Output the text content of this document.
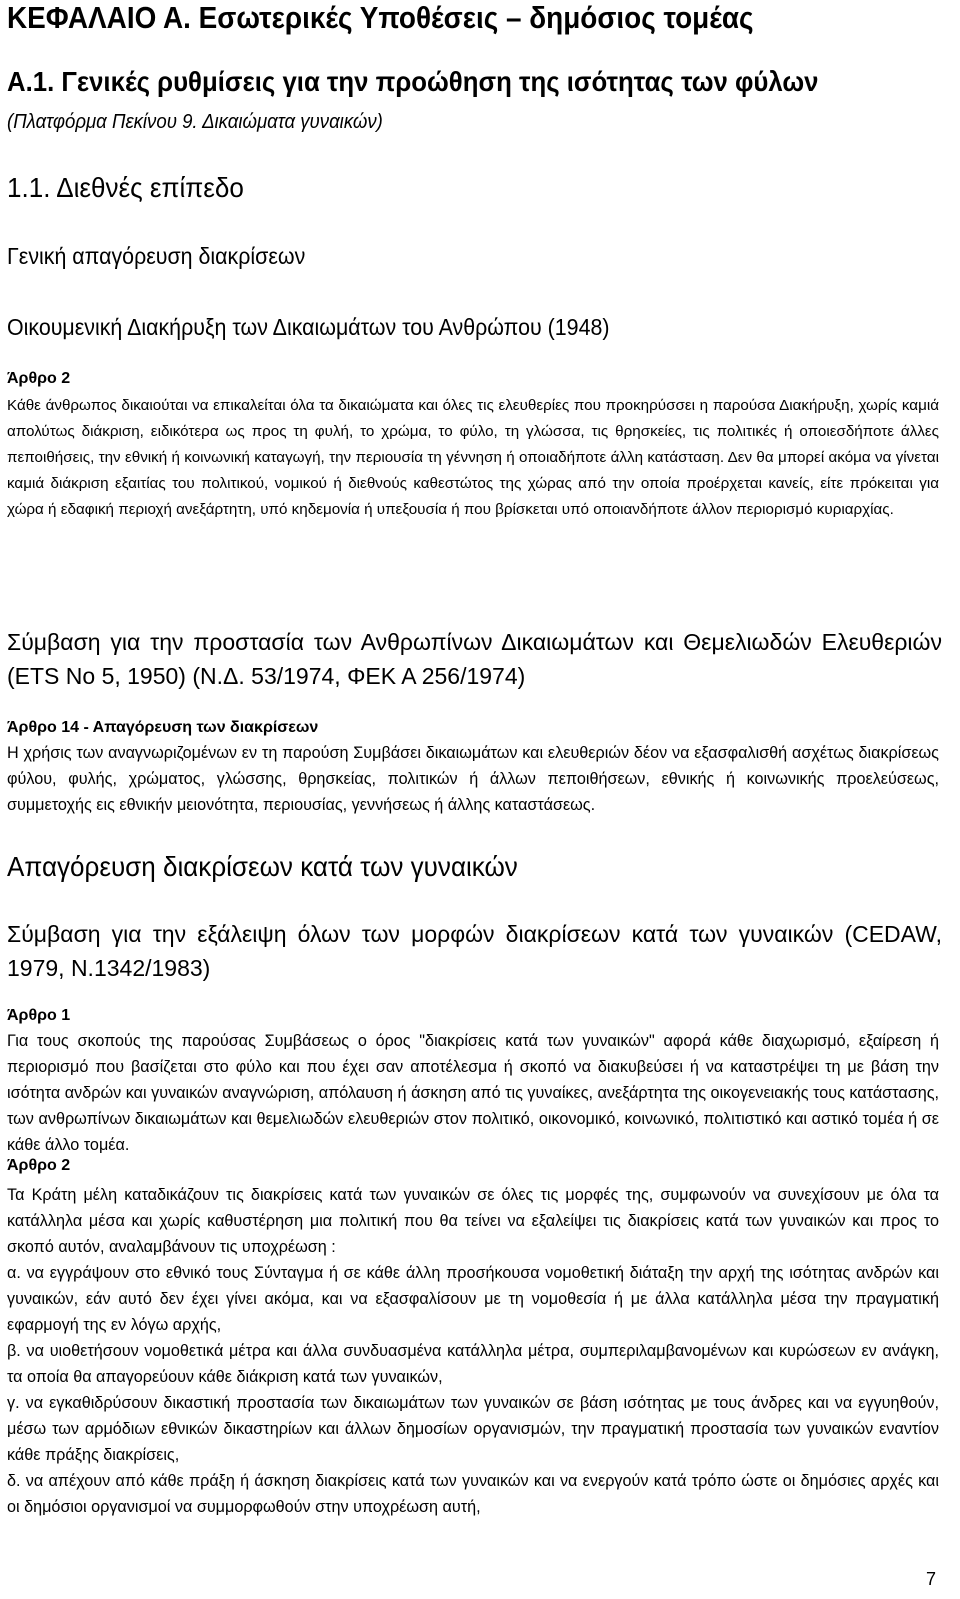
ΚΕΦΑΛΑΙΟ Α. Εσωτερικές Υποθέσεις – δημόσιος τομέας
Α.1. Γενικές ρυθμίσεις για την προώθηση της ισότητας των φύλων
(Πλατφόρμα Πεκίνου 9. Δικαιώματα γυναικών)
1.1. Διεθνές επίπεδο
Γενική απαγόρευση διακρίσεων
Οικουμενική Διακήρυξη των Δικαιωμάτων του Ανθρώπου (1948)
Άρθρο 2

Κάθε άνθρωπος δικαιούται να επικαλείται όλα τα δικαιώματα και όλες τις ελευθερίες που προκηρύσσει η παρούσα Διακήρυξη, χωρίς καμιά απολύτως διάκριση, ειδικότερα ως προς τη φυλή, το χρώμα, το φύλο, τη γλώσσα, τις θρησκείες, τις πολιτικές ή οποιεσδήποτε άλλες πεποιθήσεις, την εθνική ή κοινωνική καταγωγή, την περιουσία τη γέννηση ή οποιαδήποτε άλλη κατάσταση. Δεν θα μπορεί ακόμα να γίνεται καμιά διάκριση εξαιτίας του πολιτικού, νομικού ή διεθνούς καθεστώτος της χώρας από την οποία προέρχεται κανείς, είτε πρόκειται για χώρα ή εδαφική περιοχή ανεξάρτητη, υπό κηδεμονία ή υπεξουσία ή που βρίσκεται υπό οποιανδήποτε άλλον περιορισμό κυριαρχίας.

Σύμβαση για την προστασία των Ανθρωπίνων Δικαιωμάτων και Θεμελιωδών Ελευθεριών (ETS No 5, 1950) (Ν.Δ. 53/1974, ΦΕΚ Α 256/1974)
Άρθρο 14 - Απαγόρευση των διακρίσεων

Η χρήσις των αναγνωριζομένων εν τη παρούση Συμβάσει δικαιωμάτων και ελευθεριών δέον να εξασφαλισθή ασχέτως διακρίσεως φύλου, φυλής, χρώματος, γλώσσης, θρησκείας, πολιτικών ή άλλων πεποιθήσεων, εθνικής ή κοινωνικής προελεύσεως, συμμετοχής εις εθνικήν μειονότητα, περιουσίας, γεννήσεως ή άλλης καταστάσεως.

Απαγόρευση διακρίσεων κατά των γυναικών
Σύμβαση για την εξάλειψη όλων των μορφών διακρίσεων κατά των γυναικών (CEDAW, 1979, Ν.1342/1983)
Άρθρο 1

Για τους σκοπούς της παρούσας Συμβάσεως ο όρος "διακρίσεις κατά των γυναικών" αφορά κάθε διαχωρισμό, εξαίρεση ή περιορισμό που βασίζεται στο φύλο και που έχει σαν αποτέλεσμα ή σκοπό να διακυβεύσει ή να καταστρέψει τη με βάση την ισότητα ανδρών και γυναικών αναγνώριση, απόλαυση ή άσκηση από τις γυναίκες, ανεξάρτητα της οικογενειακής τους κατάστασης, των ανθρωπίνων δικαιωμάτων και θεμελιωδών ελευθεριών στον πολιτικό, οικονομικό, κοινωνικό, πολιτιστικό και αστικό τομέα ή σε κάθε άλλο τομέα.

Άρθρο 2

Τα Κράτη μέλη καταδικάζουν τις διακρίσεις κατά των γυναικών σε όλες τις μορφές της, συμφωνούν να συνεχίσουν με όλα τα κατάλληλα μέσα και χωρίς καθυστέρηση μια πολιτική που θα τείνει να εξαλείψει τις διακρίσεις κατά των γυναικών και προς το σκοπό αυτόν, αναλαμβάνουν τις υποχρέωση :

α. να εγγράψουν στο εθνικό τους Σύνταγμα ή σε κάθε άλλη προσήκουσα νομοθετική διάταξη την αρχή της ισότητας ανδρών και γυναικών, εάν αυτό δεν έχει γίνει ακόμα, και να εξασφαλίσουν με τη νομοθεσία ή με άλλα κατάλληλα μέσα την πραγματική εφαρμογή της εν λόγω αρχής,

β. να υιοθετήσουν νομοθετικά μέτρα και άλλα συνδυασμένα κατάλληλα μέτρα, συμπεριλαμβανομένων και κυρώσεων εν ανάγκη, τα οποία θα απαγορεύουν κάθε διάκριση κατά των γυναικών,

γ. να εγκαθιδρύσουν δικαστική προστασία των δικαιωμάτων των γυναικών σε βάση ισότητας με τους άνδρες και να εγγυηθούν, μέσω των αρμόδιων εθνικών δικαστηρίων και άλλων δημοσίων οργανισμών, την πραγματική προστασία των γυναικών εναντίον κάθε πράξης διακρίσεις,

δ. να απέχουν από κάθε πράξη ή άσκηση διακρίσεις κατά των γυναικών και να ενεργούν κατά τρόπο ώστε οι δημόσιες αρχές και οι δημόσιοι οργανισμοί να συμμορφωθούν στην υποχρέωση αυτή,

7
